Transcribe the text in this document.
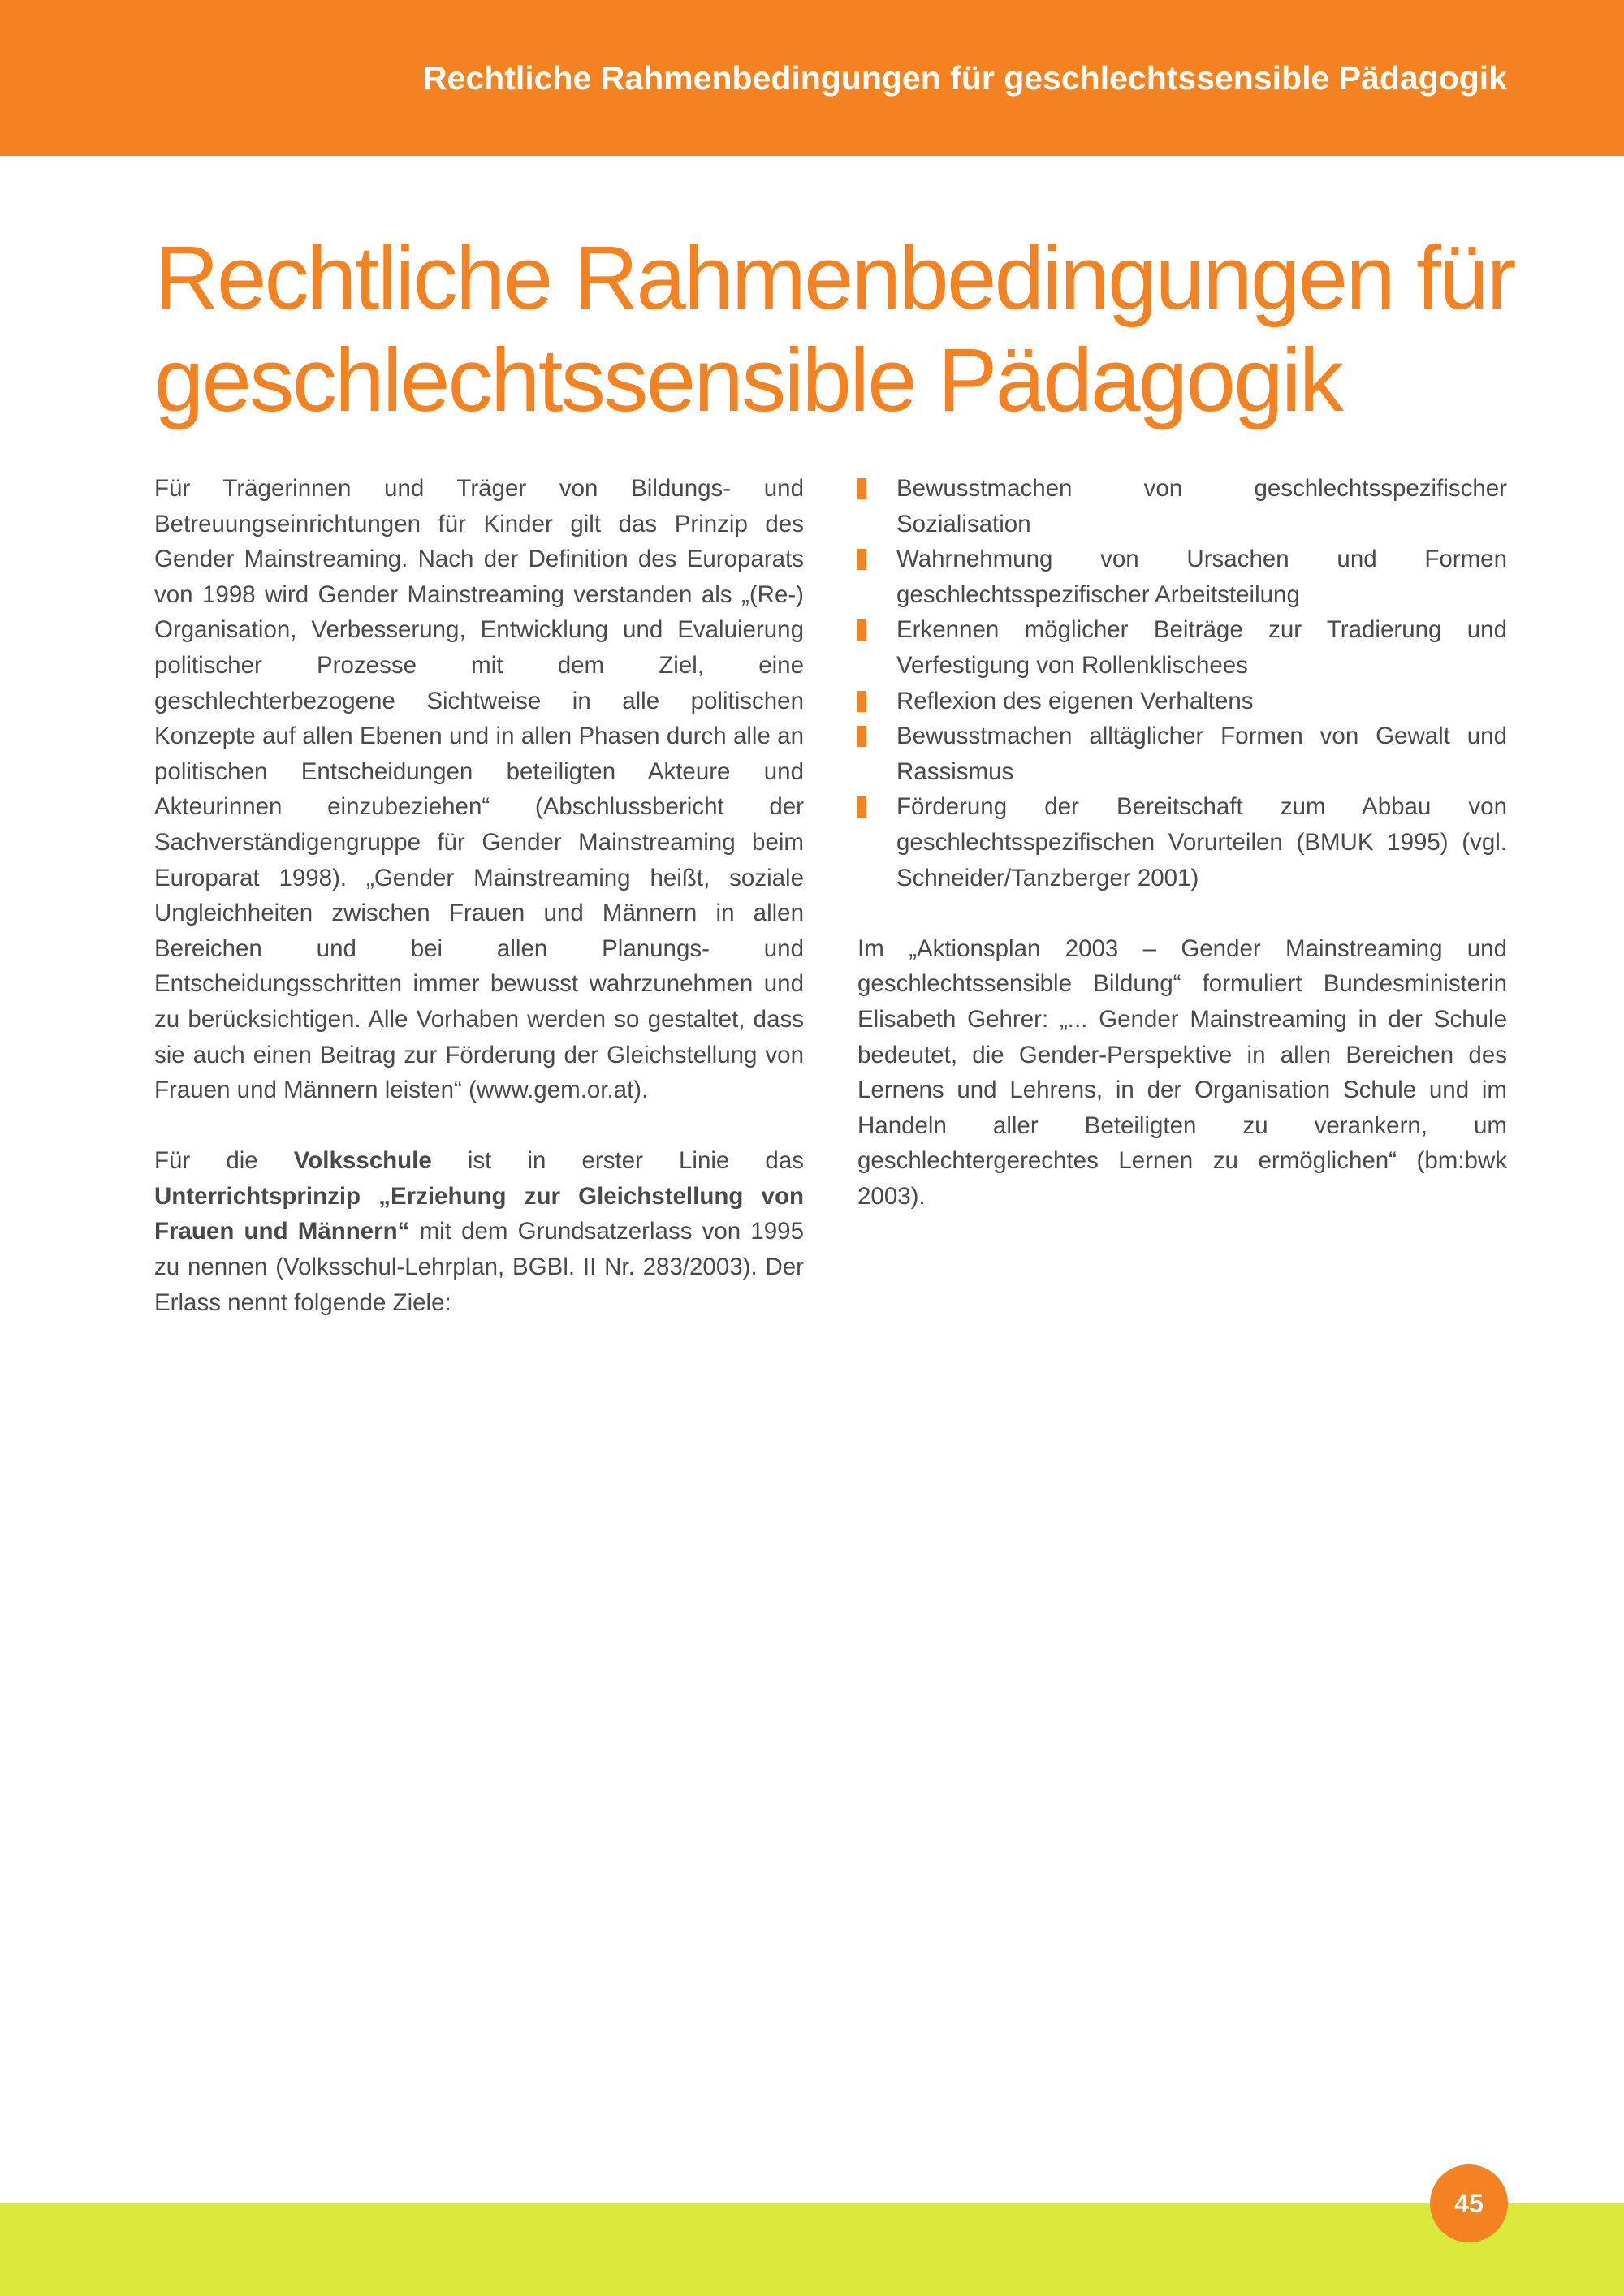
Rechtliche Rahmenbedingungen für geschlechtssensible Pädagogik
Rechtliche Rahmenbedingungen für
geschlechtssensible Pädagogik

Für Trägerinnen und Träger von Bildungs- und Betreuungseinrichtungen für Kinder gilt das Prinzip des Gender Mainstreaming. Nach der Definition des Europarats von 1998 wird Gender Mainstreaming verstanden als „(Re-) Organisation, Verbesserung, Entwicklung und Evaluierung politischer Prozesse mit dem Ziel, eine geschlechterbezogene Sichtweise in alle politischen Konzepte auf allen Ebenen und in allen Phasen durch alle an politischen Entscheidungen beteiligten Akteure und Akteurinnen einzubeziehen“ (Abschlussbericht der Sachverständigengruppe für Gender Mainstreaming beim Europarat 1998). „Gender Mainstreaming heißt, soziale Ungleichheiten zwischen Frauen und Männern in allen Bereichen und bei allen Planungs- und Entscheidungsschritten immer bewusst wahrzunehmen und zu berücksichtigen. Alle Vorhaben werden so gestaltet, dass sie auch einen Beitrag zur Förderung der Gleichstellung von Frauen und Männern leisten“ (www.gem.or.at).

Für die Volksschule ist in erster Linie das Unterrichtsprinzip „Erziehung zur Gleichstellung von Frauen und Männern“ mit dem Grundsatzerlass von 1995 zu nennen (Volksschul-Lehrplan, BGBl. II Nr. 283/2003). Der Erlass nennt folgende Ziele:

Bewusstmachen von geschlechtsspezifischer Sozialisation
Wahrnehmung von Ursachen und Formen geschlechtsspezifischer Arbeitsteilung
Erkennen möglicher Beiträge zur Tradierung und Verfestigung von Rollenklischees
Reflexion des eigenen Verhaltens
Bewusstmachen alltäglicher Formen von Gewalt und Rassismus
Förderung der Bereitschaft zum Abbau von geschlechtsspezifischen Vorurteilen (BMUK 1995) (vgl. Schneider/Tanzberger 2001)

Im „Aktionsplan 2003 – Gender Mainstreaming und geschlechtssensible Bildung“ formuliert Bundesministerin Elisabeth Gehrer: „... Gender Mainstreaming in der Schule bedeutet, die Gender-Perspektive in allen Bereichen des Lernens und Lehrens, in der Organisation Schule und im Handeln aller Beteiligten zu verankern, um geschlechtergerechtes Lernen zu ermöglichen“ (bm:bwk 2003).

45
